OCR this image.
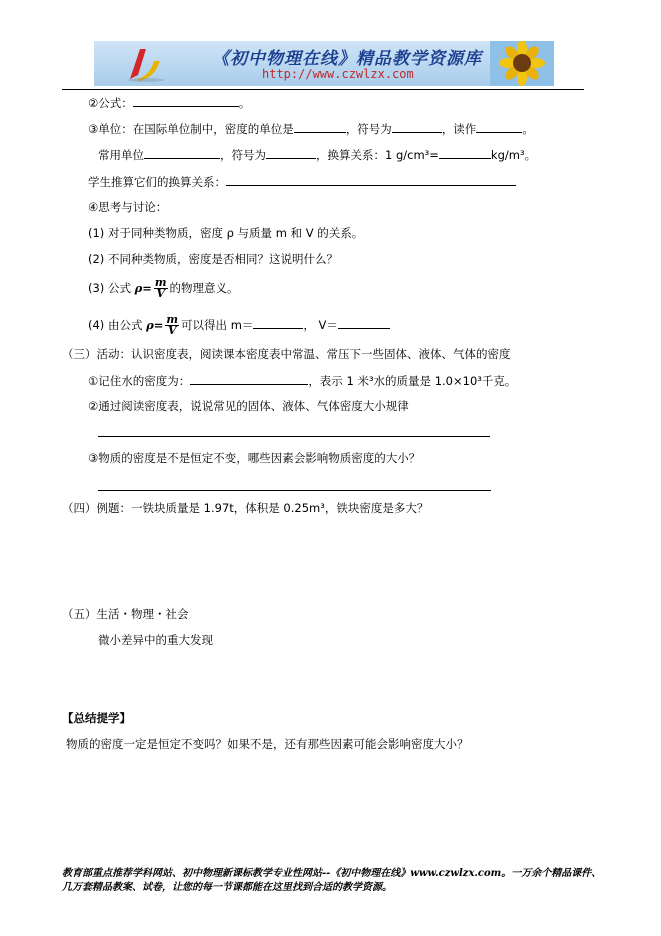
《初中物理在线》精品教学资源库
http://www.czwlzx.com
②公式：	。
③单位：在国际单位制中，密度的单位是	，符号为	，读作	。
常用单位	，符号为	，换算关系：1 g/cm³=	kg/m³。
学生推算它们的换算关系：
④思考与讨论：
(1) 对于同种类物质，密度 ρ 与质量 m 和 V 的关系。
(2) 不同种类物质，密度是否相同？这说明什么？
(3) 公式 $\rho= \frac{m}{V}$ 的物理意义。
(4) 由公式 $\rho= \frac{m}{V}$ 可以得出 m＝	， V＝
（三）活动：认识密度表，阅读课本密度表中常温、常压下一些固体、液体、气体的密度
①记住水的密度为：	，表示 1 米³水的质量是 1.0×10³千克。
②通过阅读密度表，说说常见的固体、液体、气体密度大小规律
③物质的密度是不是恒定不变，哪些因素会影响物质密度的大小？
（四）例题：一铁块质量是 1.97t，体积是 0.25m³，铁块密度是多大？
（五）生活・物理・社会
微小差异中的重大发现
【总结提学】
物质的密度一定是恒定不变吗？如果不是，还有那些因素可能会影响密度大小？
教育部重点推荐学科网站、初中物理新课标教学专业性网站--《初中物理在线》www.czwlzx.com。一万余个精品课件、
几万套精品教案、试卷，让您的每一节课都能在这里找到合适的教学资源。
